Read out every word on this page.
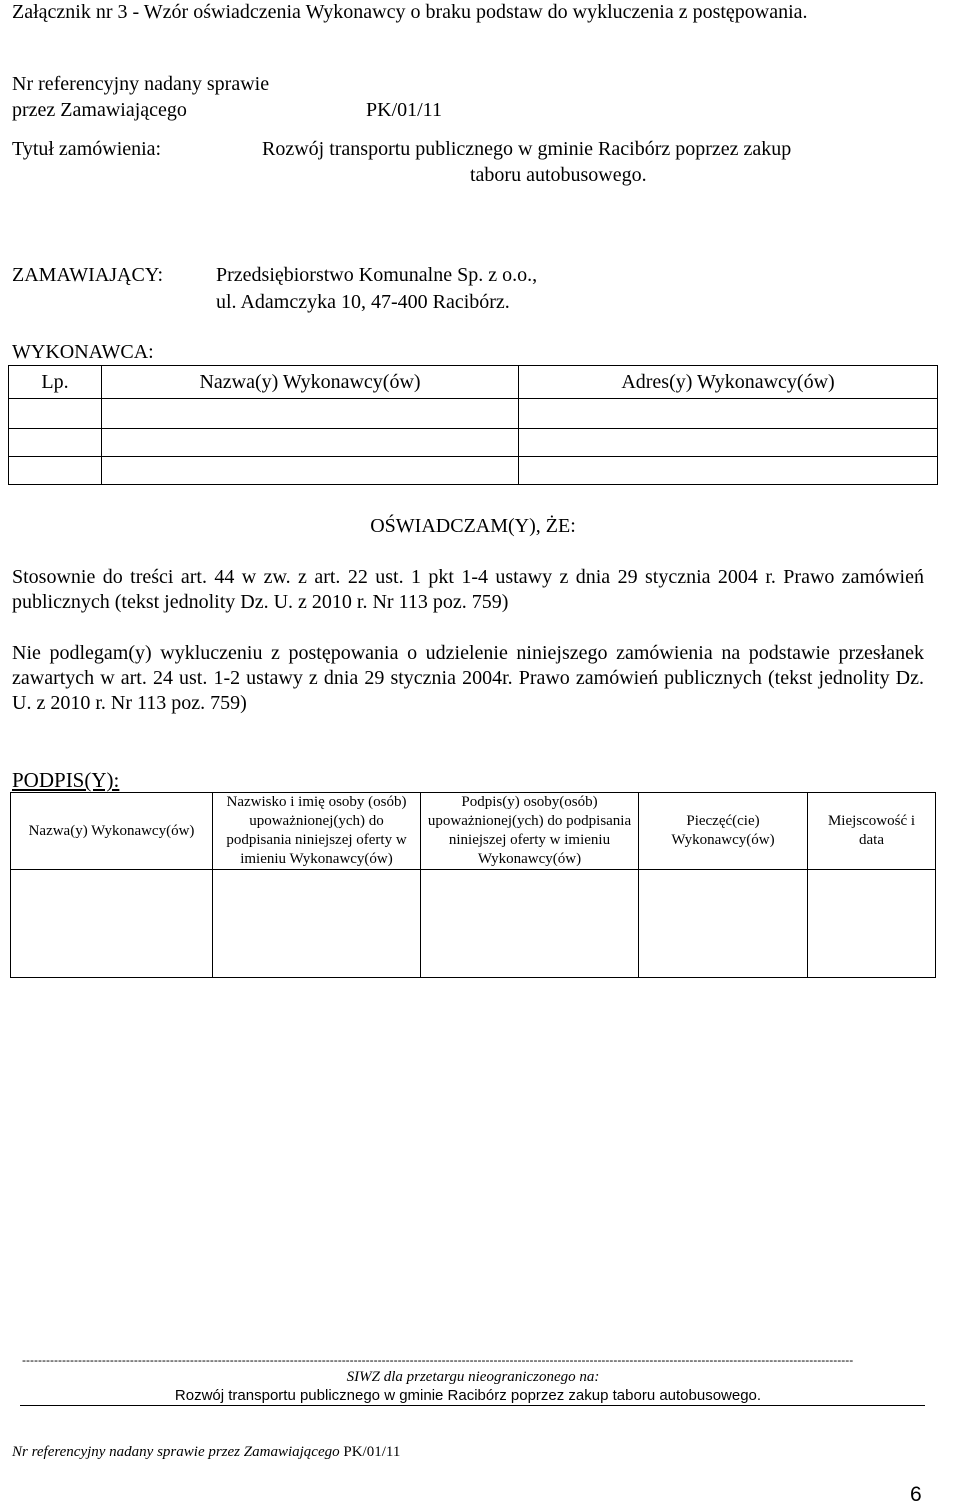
Załącznik nr 3 - Wzór oświadczenia Wykonawcy o braku podstaw do wykluczenia z postępowania.
Nr referencyjny nadany sprawie
przez Zamawiającego	PK/01/11
Tytuł zamówienia:	Rozwój transportu publicznego w gminie Racibórz poprzez zakup
taboru autobusowego.
ZAMAWIAJĄCY:	Przedsiębiorstwo Komunalne Sp. z o.o.,
ul. Adamczyka 10, 47-400 Racibórz.
WYKONAWCA:
Lp.	Nazwa(y) Wykonawcy(ów)	Adres(y) Wykonawcy(ów)

OŚWIADCZAM(Y), ŻE:
Stosownie do treści art. 44 w zw. z art. 22 ust. 1 pkt 1-4 ustawy z dnia 29 stycznia 2004 r. Prawo zamówień publicznych (tekst jednolity Dz. U. z 2010 r. Nr 113 poz. 759)
Nie podlegam(y) wykluczeniu z postępowania o udzielenie niniejszego zamówienia na podstawie przesłanek zawartych w art. 24 ust. 1-2 ustawy z dnia 29 stycznia 2004r. Prawo zamówień publicznych (tekst jednolity Dz. U. z 2010 r. Nr 113 poz. 759)
PODPIS(Y):
Nazwa(y) Wykonawcy(ów)	Nazwisko i imię osoby (osób) upoważnionej(ych) do podpisania niniejszej oferty w imieniu Wykonawcy(ów)	Podpis(y) osoby(osób) upoważnionej(ych) do podpisania niniejszej oferty w imieniu Wykonawcy(ów)	Pieczęć(cie) Wykonawcy(ów)	Miejscowość i data

----------------------------------------------------------------------------------------------------------------------------------------------------------------------------------------------------------------
SIWZ dla przetargu nieograniczonego na:
Rozwój transportu publicznego w gminie Racibórz poprzez zakup taboru autobusowego.
Nr referencyjny nadany sprawie przez Zamawiającego PK/01/11
6
